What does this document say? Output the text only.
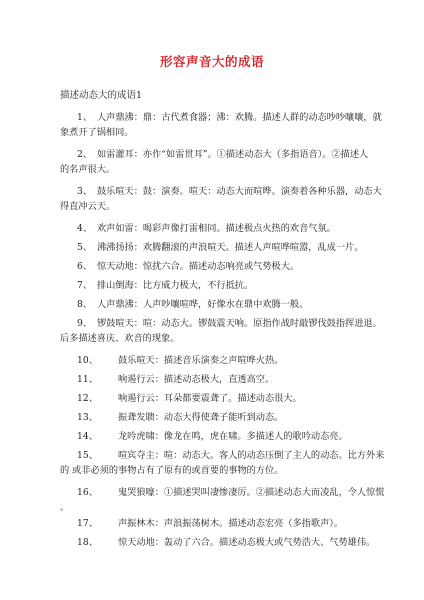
形容声音大的成语
描述动态大的成语1
1、 人声鼎沸：鼎：古代煮食器；沸：欢腾。描述人群的动态吵吵嚷嚷，就
象煮开了锅相同。
2、 如雷灌耳：亦作“如雷贯耳”。①描述动态大（多指语音）。②描述人
的名声很大。
3、 鼓乐喧天：鼓：演奏。喧天：动态大而喧哗。演奏着各种乐器，动态大
得直冲云天。
4、 欢声如雷：喝彩声像打雷相同。描述极点火热的欢音气氛。
5、 沸沸扬扬：欢腾翻滚的声浪喧天。描述人声喧哗喧嚣，乱成一片。
6、 惊天动地：惊扰六合。描述动态响亮或气势极大。
7、 排山倒海：比方威力极大，不行抵抗。
8、 人声鼎沸：人声吵嚷喧哗，好像水在鼎中欢腾一般。
9、 锣鼓喧天：喧：动态大。锣鼓震天响。原指作战时敲锣伐鼓指挥进退。
后多描述喜庆、欢音的现象。
10、 鼓乐喧天：描述音乐演奏之声喧哗火热。
11、 响遏行云：描述动态极大，直透高空。
12、 响遏行云：耳朵都要震聋了。描述动态很大。
13、 振聋发聩：动态大得使聋子能听到动态。
14、 龙吟虎啸：像龙在鸣，虎在啸。多描述人的歌吟动态亮。
15、 喧宾夺主：喧：动态大。客人的动态压倒了主人的动态。比方外来
的 或非必须的事物占有了原有的或首要的事物的方位。
16、 鬼哭狼嚎：①描述哭叫凄惨凄厉。②描述动态大而凌乱，令人惊慌
。
17、 声振林木：声浪振荡树木。描述动态宏亮（多指歌声）。
18、 惊天动地：轰动了六合。描述动态极大或气势浩大、气势雄伟。
